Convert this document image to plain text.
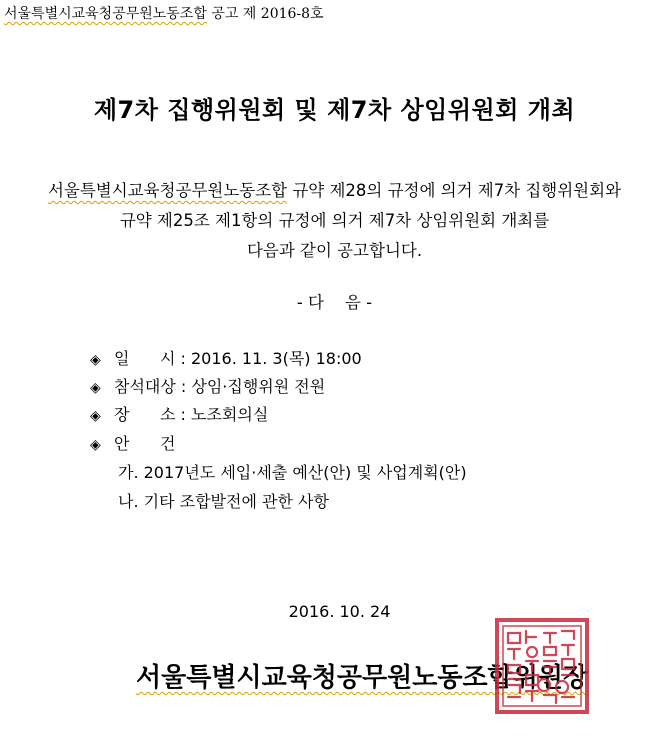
서울특별시교육청공무원노동조합 공고 제 2016-8호
제7차 집행위원회 및 제7차 상임위원회 개최
서울특별시교육청공무원노동조합 규약 제28의 규정에 의거 제7차 집행위원회와
규약 제25조 제1항의 규정에 의거 제7차 상임위원회 개최를
다음과 같이 공고합니다.
- 다    음 -
◈ 일      시 : 2016. 11. 3(목) 18:00
◈ 참석대상 : 상임·집행위원 전원
◈ 장      소 : 노조회의실
◈ 안      건
가. 2017년도 세입·세출 예산(안) 및 사업계획(안)
나. 기타 조합발전에 관한 사항
2016. 10. 24
서울특별시교육청공무원노동조합위원장
